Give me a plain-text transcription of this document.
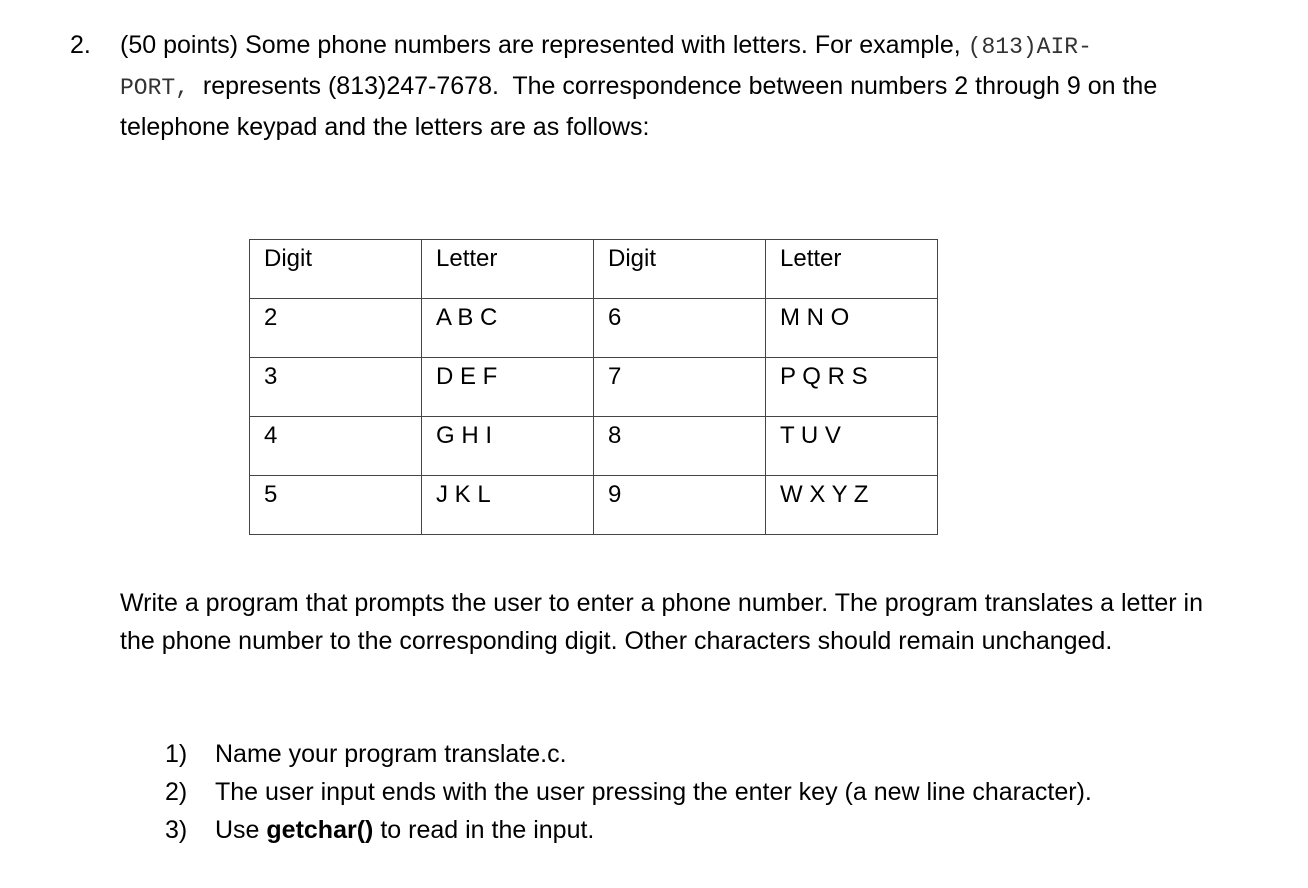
2. (50 points) Some phone numbers are represented with letters. For example, (813)AIR-
PORT,  represents (813)247-7678.  The correspondence between numbers 2 through 9 on the telephone keypad and the letters are as follows:
Digit	Letter	Digit	Letter
2	A B C	6	M N O
3	D E F	7	P Q R S
4	G H I	8	T U V
5	J K L	9	W X Y Z
Write a program that prompts the user to enter a phone number. The program translates a letter in the phone number to the corresponding digit. Other characters should remain unchanged.
1)	Name your program translate.c.
2)	The user input ends with the user pressing the enter key (a new line character).
3)	Use getchar() to read in the input.
